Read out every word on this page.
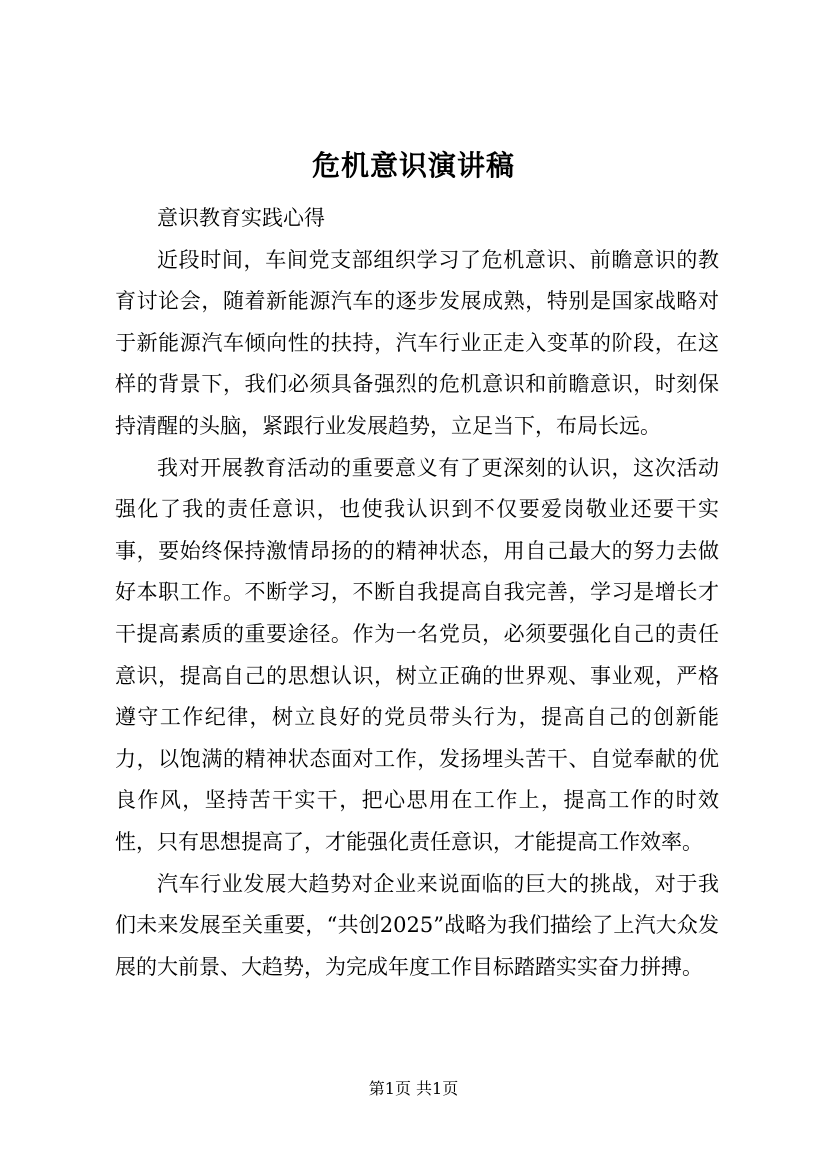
危机意识演讲稿

意识教育实践心得

近段时间，车间党支部组织学习了危机意识、前瞻意识的教育讨论会，随着新能源汽车的逐步发展成熟，特别是国家战略对于新能源汽车倾向性的扶持，汽车行业正走入变革的阶段，在这样的背景下，我们必须具备强烈的危机意识和前瞻意识，时刻保持清醒的头脑，紧跟行业发展趋势，立足当下，布局长远。

我对开展教育活动的重要意义有了更深刻的认识，这次活动强化了我的责任意识，也使我认识到不仅要爱岗敬业还要干实事，要始终保持激情昂扬的的精神状态，用自己最大的努力去做好本职工作。不断学习，不断自我提高自我完善，学习是增长才干提高素质的重要途径。作为一名党员，必须要强化自己的责任意识，提高自己的思想认识，树立正确的世界观、事业观，严格遵守工作纪律，树立良好的党员带头行为，提高自己的创新能力，以饱满的精神状态面对工作，发扬埋头苦干、自觉奉献的优良作风，坚持苦干实干，把心思用在工作上，提高工作的时效性，只有思想提高了，才能强化责任意识，才能提高工作效率。

汽车行业发展大趋势对企业来说面临的巨大的挑战，对于我们未来发展至关重要，“共创2025”战略为我们描绘了上汽大众发展的大前景、大趋势，为完成年度工作目标踏踏实实奋力拼搏。

第1页 共1页
